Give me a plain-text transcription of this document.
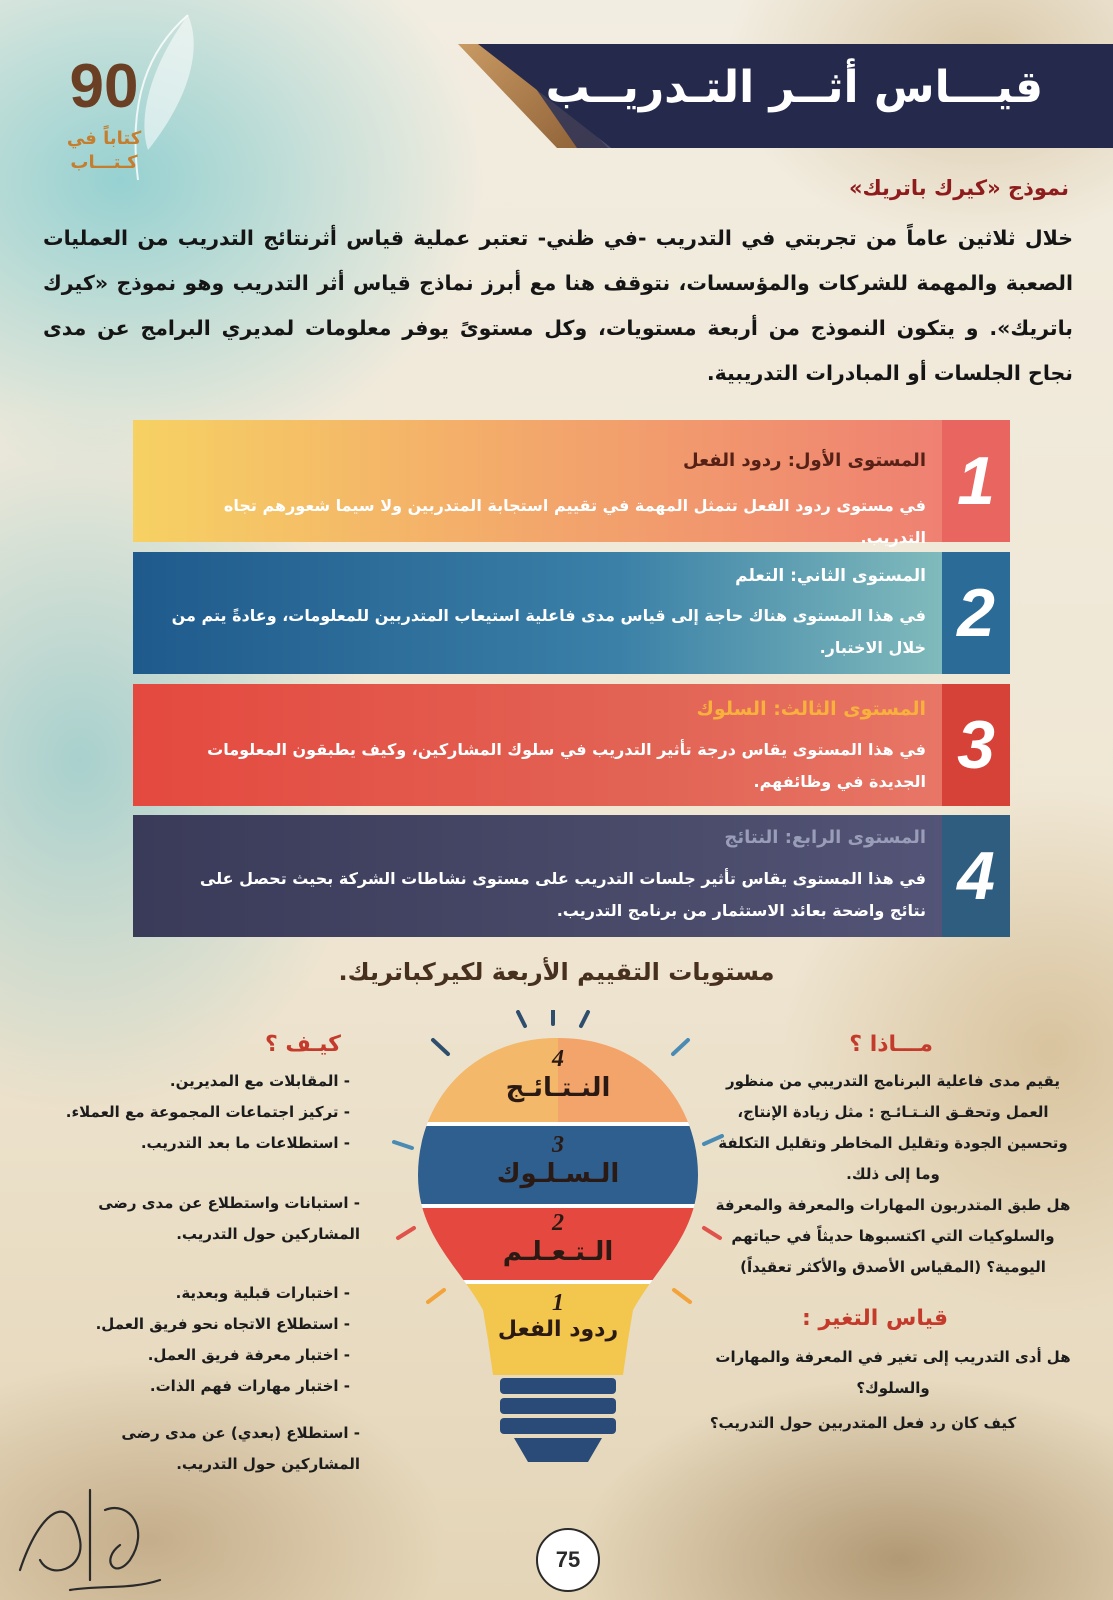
قيـــاس أثــر التـدريــب
90
كتاباً في
كـتـــاب
نموذج «كيرك باتريك»
خلال ثلاثين عاماً من تجربتي في التدريب -في ظني- تعتبر عملية قياس أثرنتائج التدريب من العمليات الصعبة والمهمة للشركات والمؤسسات، نتوقف هنا مع أبرز نماذج قياس أثر التدريب وهو نموذج «كيرك باتريك». و يتكون النموذج من أربعة مستويات، وكل مستوىً يوفر معلومات لمديري البرامج عن مدى نجاح الجلسات أو المبادرات التدريبية.
1
المستوى الأول: ردود الفعل
في مستوى ردود الفعل تتمثل المهمة في تقييم استجابة المتدربين ولا سيما شعورهم تجاه التدريب.
2
المستوى الثاني: التعلم
في هذا المستوى هناك حاجة إلى قياس مدى فاعلية استيعاب المتدربين للمعلومات، وعادةً يتم من خلال الاختبار.
3
المستوى الثالث: السلوك
في هذا المستوى يقاس درجة تأثير التدريب في سلوك المشاركين، وكيف يطبقون المعلومات الجديدة في وظائفهم.
4
المستوى الرابع: النتائج
في هذا المستوى يقاس تأثير جلسات التدريب على مستوى نشاطات الشركة بحيث تحصل على نتائج واضحة بعائد الاستثمار من برنامج التدريب.
مستويات التقييم الأربعة لكيركباتريك.
4
النـتـائـج
3
الـسـلـوك
2
الـتـعـلـم
1
ردود الفعل
مـــاذا ؟
يقيم مدى فاعلية البرنامج التدريبي من منظور العمل وتحقـق النـتـائـج : مثل زيادة الإنتاج، وتحسين الجودة وتقليل المخاطر وتقليل التكلفة وما إلى ذلك.
هل طبق المتدربون المهارات والمعرفة والمعرفة والسلوكيات التي اكتسبوها حديثاً في حياتهم اليومية؟ (المقياس الأصدق والأكثر تعقيداً)
قياس التغير :
هل أدى التدريب إلى تغير في المعرفة والمهارات والسلوك؟
كيف كان رد فعل المتدربين حول التدريب؟
كيـف ؟
- المقابلات مع المديرين.
- تركيز اجتماعات المجموعة مع العملاء.
- استطلاعات ما بعد التدريب.
- استبانات واستطلاع عن مدى رضى المشاركين حول التدريب.
- اختبارات قبلية وبعدية.
- استطلاع الاتجاه نحو فريق العمل.
- اختبار معرفة فريق العمل.
- اختبار مهارات فهم الذات.
- استطلاع (بعدي) عن مدى رضى المشاركين حول التدريب.
75
